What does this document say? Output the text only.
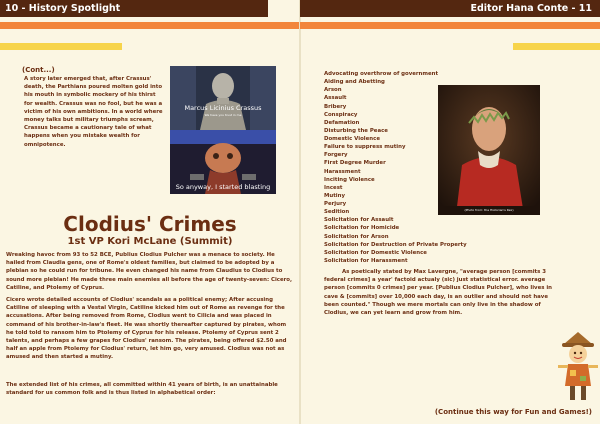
10 - History Spotlight
(Cont...)
A story later emerged that, after Crassus' death, the Parthians poured molten gold into his mouth in symbolic mockery of his thirst for wealth. Crassus was no fool, but he was a victim of his own ambitions. In a world where money talks but military triumphs scream, Crassus became a cautionary tale of what happens when you mistake wealth for omnipotence.
Marcus Licinius Crassus
We have you trust in me
So anyway, I started blasting
Clodius' Crimes
1st VP Kori McLane (Summit)
Wreaking havoc from 93 to 52 BCE, Publius Clodius Pulcher was a menace to society. He hailed from Claudia gens, one of Rome's oldest families, but claimed to be adopted by a plebian so he could run for tribune. He even changed his name from Claudius to Clodius to sound more plebian! He made three main enemies all before the age of twenty-seven: Cicero, Catiline, and Ptolemy of Cyprus.
Cicero wrote detailed accounts of Clodius' scandals as a political enemy; After accusing Catiline of sleeping with a Vestal Virgin, Catiline kicked him out of Rome as revenge for the accusations. After being removed from Rome, Clodius went to Cilicia and was placed in command of his brother-in-law's fleet. He was shortly thereafter captured by pirates, whom he told told to ransom him to Ptolemy of Cyprus for his release. Ptolemy of Cyprus sent 2 talents, and perhaps a few grapes for Clodius' ransom. The pirates, being offered $2.50 and half an apple from Ptolemy for Clodius' return, let him go, very amused. Clodius was not as amused and then started a mutiny.
The extended list of his crimes, all committed within 41 years of birth, is an unattainable standard for us common folk and is thus listed in alphabetical order:
Editor Hana Conte - 11
Advocating overthrow of government
Aiding and Abetting
Arson
Assault
Bribery
Conspiracy
Defamation
Disturbing the Peace
Domestic Violence
Failure to suppress mutiny
Forgery
First Degree Murder
Harassment
Inciting Violence
Incest
Mutiny
Perjury
Sedition
Solicitation for Assault
Solicitation for Homicide
Solicitation for Arson
Solicitation for Destruction of Private Property
Solicitation for Domestic Violence
Solicitation for Harassment
(Photo from: the Historian's Rex)
As poetically stated by Max Lavergne, "average person [commits 3 federal crimes] a year' factoid actualy (sic) just statistical error. average person [commits 0 crimes] per year. [Publius Clodius Pulcher], who lives in cave & [commits] over 10,000 each day, is an outlier and should not have been counted." Though we mere mortals can only live in the shadow of Clodius, we can yet learn and grow from him.
(Continue this way for Fun and Games!)
